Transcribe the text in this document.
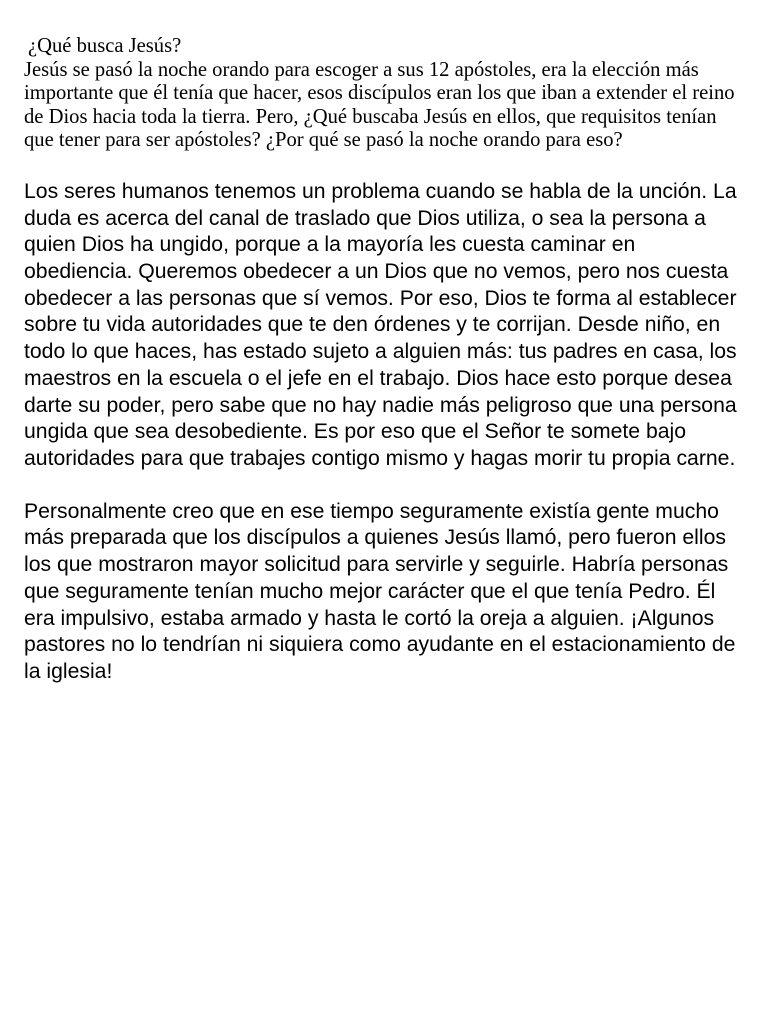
¿Qué busca Jesús?
Jesús se pasó la noche orando para escoger a sus 12 apóstoles, era la elección más importante que él tenía que hacer, esos discípulos eran los que iban a extender el reino de Dios hacia toda la tierra. Pero, ¿Qué buscaba Jesús en ellos, que requisitos tenían que tener para ser apóstoles? ¿Por qué se pasó la noche orando para eso?

Los seres humanos tenemos un problema cuando se habla de la unción. La duda es acerca del canal de traslado que Dios utiliza, o sea la persona a quien Dios ha ungido, porque a la mayoría les cuesta caminar en obediencia. Queremos obedecer a un Dios que no vemos, pero nos cuesta obedecer a las personas que sí vemos. Por eso, Dios te forma al establecer sobre tu vida autoridades que te den órdenes y te corrijan. Desde niño, en todo lo que haces, has estado sujeto a alguien más: tus padres en casa, los maestros en la escuela o el jefe en el trabajo. Dios hace esto porque desea darte su poder, pero sabe que no hay nadie más peligroso que una persona ungida que sea desobediente. Es por eso que el Señor te somete bajo autoridades para que trabajes contigo mismo y hagas morir tu propia carne.

Personalmente creo que en ese tiempo seguramente existía gente mucho más preparada que los discípulos a quienes Jesús llamó, pero fueron ellos los que mostraron mayor solicitud para servirle y seguirle. Habría personas que seguramente tenían mucho mejor carácter que el que tenía Pedro. Él era impulsivo, estaba armado y hasta le cortó la oreja a alguien. ¡Algunos pastores no lo tendrían ni siquiera como ayudante en el estacionamiento de la iglesia!
